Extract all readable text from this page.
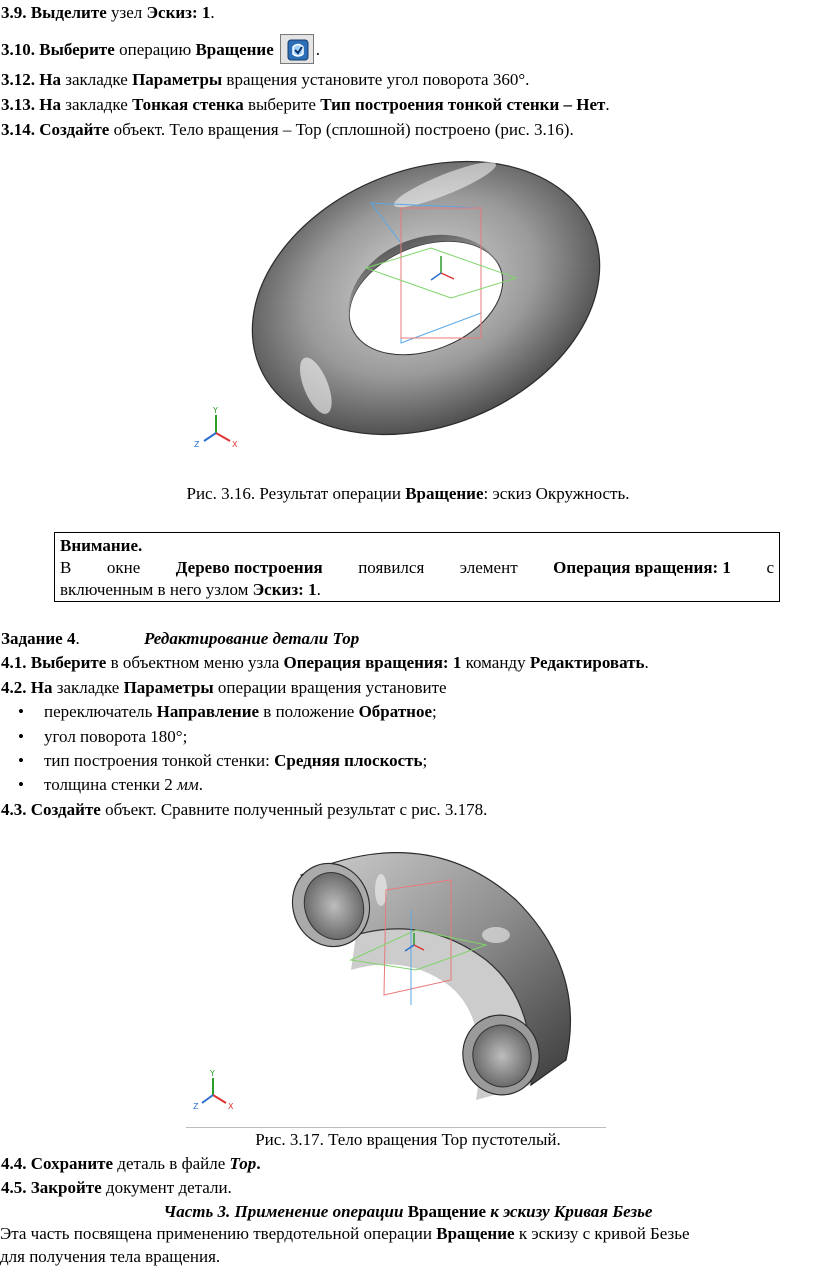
3.9. Выделите узел Эскиз: 1.
3.10. Выберите операцию Вращение .
3.12. На закладке Параметры вращения установите угол поворота 360°.
3.13. На закладке Тонкая стенка выберите Тип построения тонкой стенки – Нет.
3.14. Создайте объект. Тело вращения – Тор (сплошной) построено (рис. 3.16).
Y
Z	X
Рис. 3.16. Результат операции Вращение: эскиз Окружность.
Внимание.
В окне Дерево построения появился элемент Операция вращения: 1 с
включенным в него узлом Эскиз: 1.
Задание 4.	Редактирование детали Тор
4.1. Выберите в объектном меню узла Операция вращения: 1 команду Редактировать.
4.2. На закладке Параметры операции вращения установите
• переключатель Направление в положение Обратное;
• угол поворота 180°;
• тип построения тонкой стенки: Средняя плоскость;
• толщина стенки 2 мм.
4.3. Создайте объект. Сравните полученный результат с рис. 3.178.
Y
Z	X
Рис. 3.17. Тело вращения Тор пустотелый.
4.4. Сохраните деталь в файле Тор.
4.5. Закройте документ детали.
Часть 3. Применение операции Вращение к эскизу Кривая Безье
Эта часть посвящена применению твердотельной операции Вращение к эскизу с кривой Безье
для получения тела вращения.
